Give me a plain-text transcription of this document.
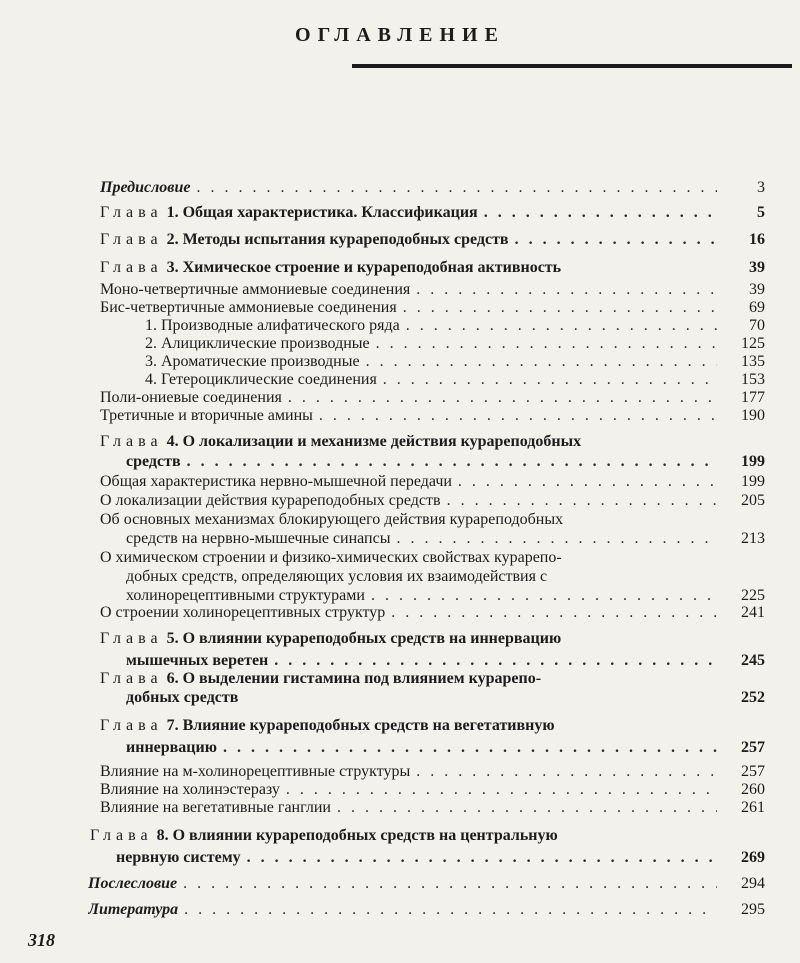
ОГЛАВЛЕНИЕ
Предисловие . . .	3
Глава 1. Общая характеристика. Классификация . . .	5
Глава 2. Методы испытания курареподобных средств . . .	16
Глава 3. Химическое строение и курареподобная активность	39
Моно-четвертичные аммониевые соединения . . .	39
Бис-четвертичные аммониевые соединения . . .	69
1. Производные алифатического ряда . . .	70
2. Алициклические производные . . .	125
3. Ароматические производные . . .	135
4. Гетероциклические соединения . . .	153
Поли-ониевые соединения . . .	177
Третичные и вторичные амины . . .	190
Глава 4. О локализации и механизме действия курареподобных
средств . . .	199
Общая характеристика нервно-мышечной передачи . . .	199
О локализации действия курареподобных средств . . .	205
Об основных механизмах блокирующего действия курареподобных
средств на нервно-мышечные синапсы . . .	213
О химическом строении и физико-химических свойствах курарепо-
добных средств, определяющих условия их взаимодействия с
холинорецептивными структурами . . .	225
О строении холинорецептивных структур . . .	241
Глава 5. О влиянии курареподобных средств на иннервацию
мышечных веретен . . .	245
Глава 6. О выделении гистамина под влиянием курарепо-
добных средств	252
Глава 7. Влияние курареподобных средств на вегетативную
иннервацию . . .	257
Влияние на м-холинорецептивные структуры . . .	257
Влияние на холинэстеразу . . .	260
Влияние на вегетативные ганглии . . .	261
Глава 8. О влиянии курареподобных средств на центральную
нервную систему . . .	269
Послесловие . . .	294
Литература . . .	295
318
